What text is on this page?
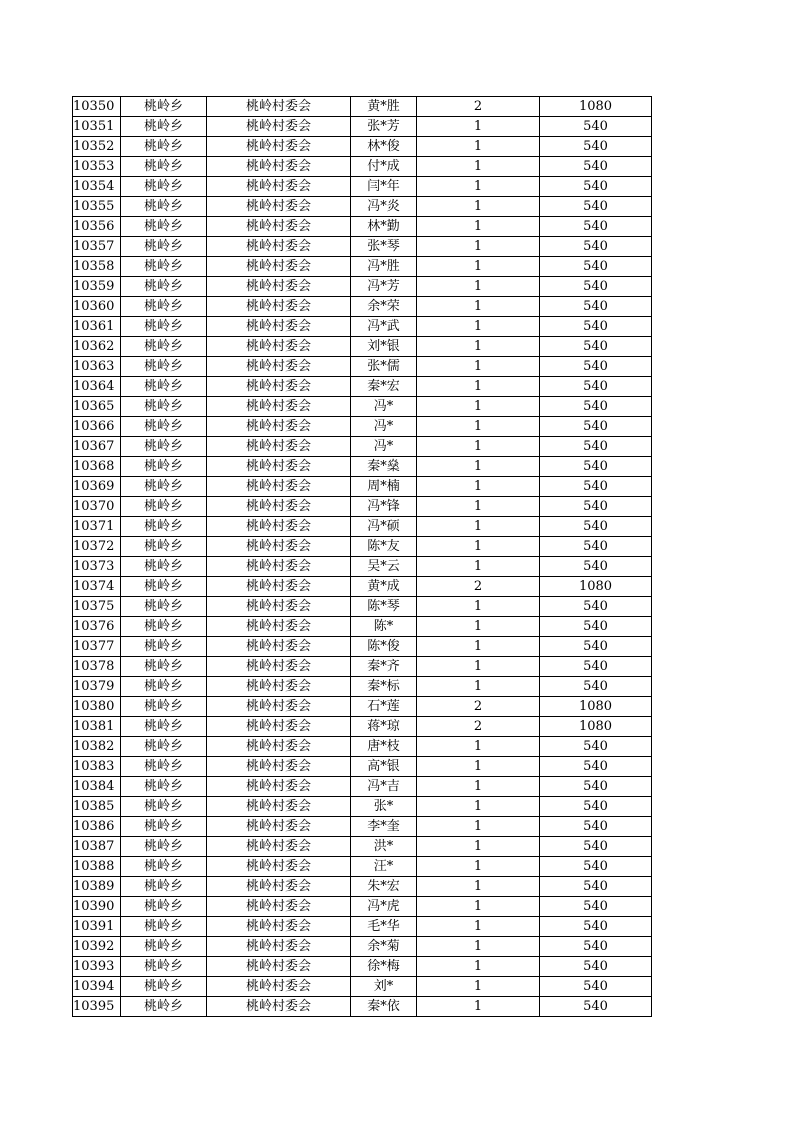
10350	桃岭乡	桃岭村委会	黄*胜	2	1080
10351	桃岭乡	桃岭村委会	张*芳	1	540
10352	桃岭乡	桃岭村委会	林*俊	1	540
10353	桃岭乡	桃岭村委会	付*成	1	540
10354	桃岭乡	桃岭村委会	闫*年	1	540
10355	桃岭乡	桃岭村委会	冯*炎	1	540
10356	桃岭乡	桃岭村委会	林*勤	1	540
10357	桃岭乡	桃岭村委会	张*琴	1	540
10358	桃岭乡	桃岭村委会	冯*胜	1	540
10359	桃岭乡	桃岭村委会	冯*芳	1	540
10360	桃岭乡	桃岭村委会	余*荣	1	540
10361	桃岭乡	桃岭村委会	冯*武	1	540
10362	桃岭乡	桃岭村委会	刘*银	1	540
10363	桃岭乡	桃岭村委会	张*儒	1	540
10364	桃岭乡	桃岭村委会	秦*宏	1	540
10365	桃岭乡	桃岭村委会	冯*	1	540
10366	桃岭乡	桃岭村委会	冯*	1	540
10367	桃岭乡	桃岭村委会	冯*	1	540
10368	桃岭乡	桃岭村委会	秦*燊	1	540
10369	桃岭乡	桃岭村委会	周*楠	1	540
10370	桃岭乡	桃岭村委会	冯*锋	1	540
10371	桃岭乡	桃岭村委会	冯*硕	1	540
10372	桃岭乡	桃岭村委会	陈*友	1	540
10373	桃岭乡	桃岭村委会	吴*云	1	540
10374	桃岭乡	桃岭村委会	黄*成	2	1080
10375	桃岭乡	桃岭村委会	陈*琴	1	540
10376	桃岭乡	桃岭村委会	陈*	1	540
10377	桃岭乡	桃岭村委会	陈*俊	1	540
10378	桃岭乡	桃岭村委会	秦*齐	1	540
10379	桃岭乡	桃岭村委会	秦*标	1	540
10380	桃岭乡	桃岭村委会	石*莲	2	1080
10381	桃岭乡	桃岭村委会	蒋*琼	2	1080
10382	桃岭乡	桃岭村委会	唐*枝	1	540
10383	桃岭乡	桃岭村委会	高*银	1	540
10384	桃岭乡	桃岭村委会	冯*吉	1	540
10385	桃岭乡	桃岭村委会	张*	1	540
10386	桃岭乡	桃岭村委会	李*奎	1	540
10387	桃岭乡	桃岭村委会	洪*	1	540
10388	桃岭乡	桃岭村委会	汪*	1	540
10389	桃岭乡	桃岭村委会	朱*宏	1	540
10390	桃岭乡	桃岭村委会	冯*虎	1	540
10391	桃岭乡	桃岭村委会	毛*华	1	540
10392	桃岭乡	桃岭村委会	余*菊	1	540
10393	桃岭乡	桃岭村委会	徐*梅	1	540
10394	桃岭乡	桃岭村委会	刘*	1	540
10395	桃岭乡	桃岭村委会	秦*依	1	540
